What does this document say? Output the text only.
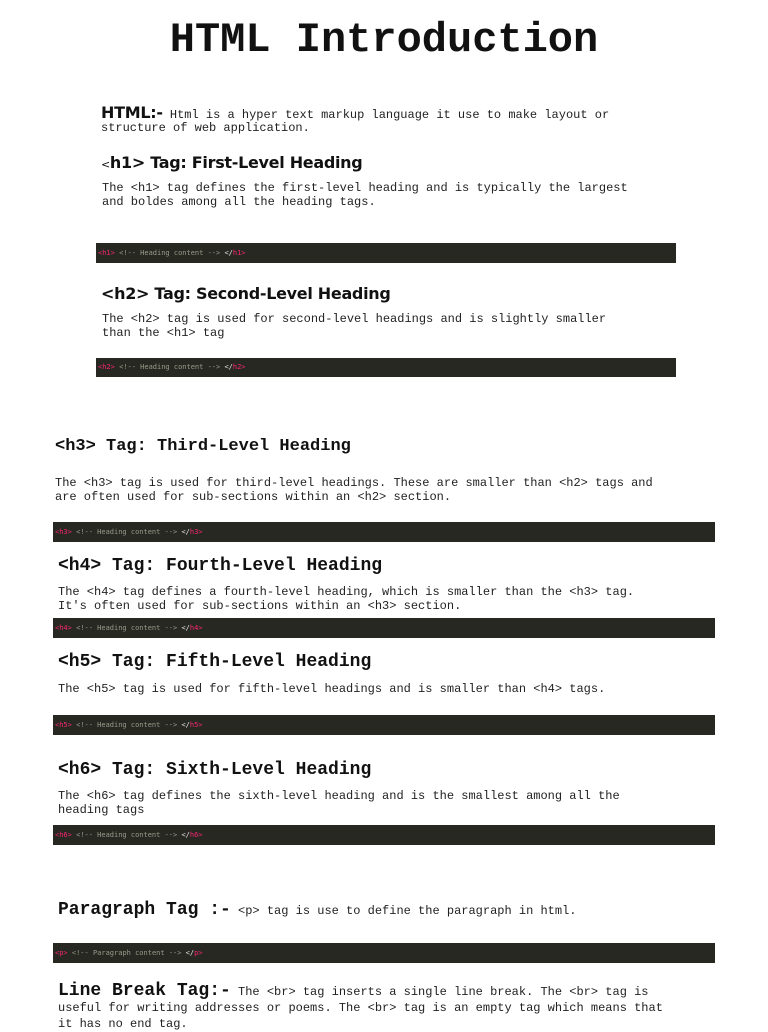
HTML Introduction

HTML:- Html is a hyper text markup language it use to make layout or
structure of web application.

<h1> Tag: First-Level Heading
The <h1> tag defines the first-level heading and is typically the largest
and boldes among all the heading tags.
<h1> <!-- Heading content --> </h1>
<h2> Tag: Second-Level Heading
The <h2> tag is used for second-level headings and is slightly smaller
than the <h1> tag
<h2> <!-- Heading content --> </h2>
<h3> Tag: Third-Level Heading
The <h3> tag is used for third-level headings. These are smaller than <h2> tags and
are often used for sub-sections within an <h2> section.
<h3> <!-- Heading content --> </h3>
<h4> Tag: Fourth-Level Heading
The <h4> tag defines a fourth-level heading, which is smaller than the <h3> tag.
It's often used for sub-sections within an <h3> section.
<h4> <!-- Heading content --> </h4>
<h5> Tag: Fifth-Level Heading
The <h5> tag is used for fifth-level headings and is smaller than <h4> tags.
<h5> <!-- Heading content --> </h5>
<h6> Tag: Sixth-Level Heading
The <h6> tag defines the sixth-level heading and is the smallest among all the
heading tags
<h6> <!-- Heading content --> </h6>
Paragraph Tag :- <p> tag is use to define the paragraph in html.
<p> <!-- Paragraph content --> </p>
Line Break Tag:- The <br> tag inserts a single line break. The <br> tag is
useful for writing addresses or poems. The <br> tag is an empty tag which means that
it has no end tag.
